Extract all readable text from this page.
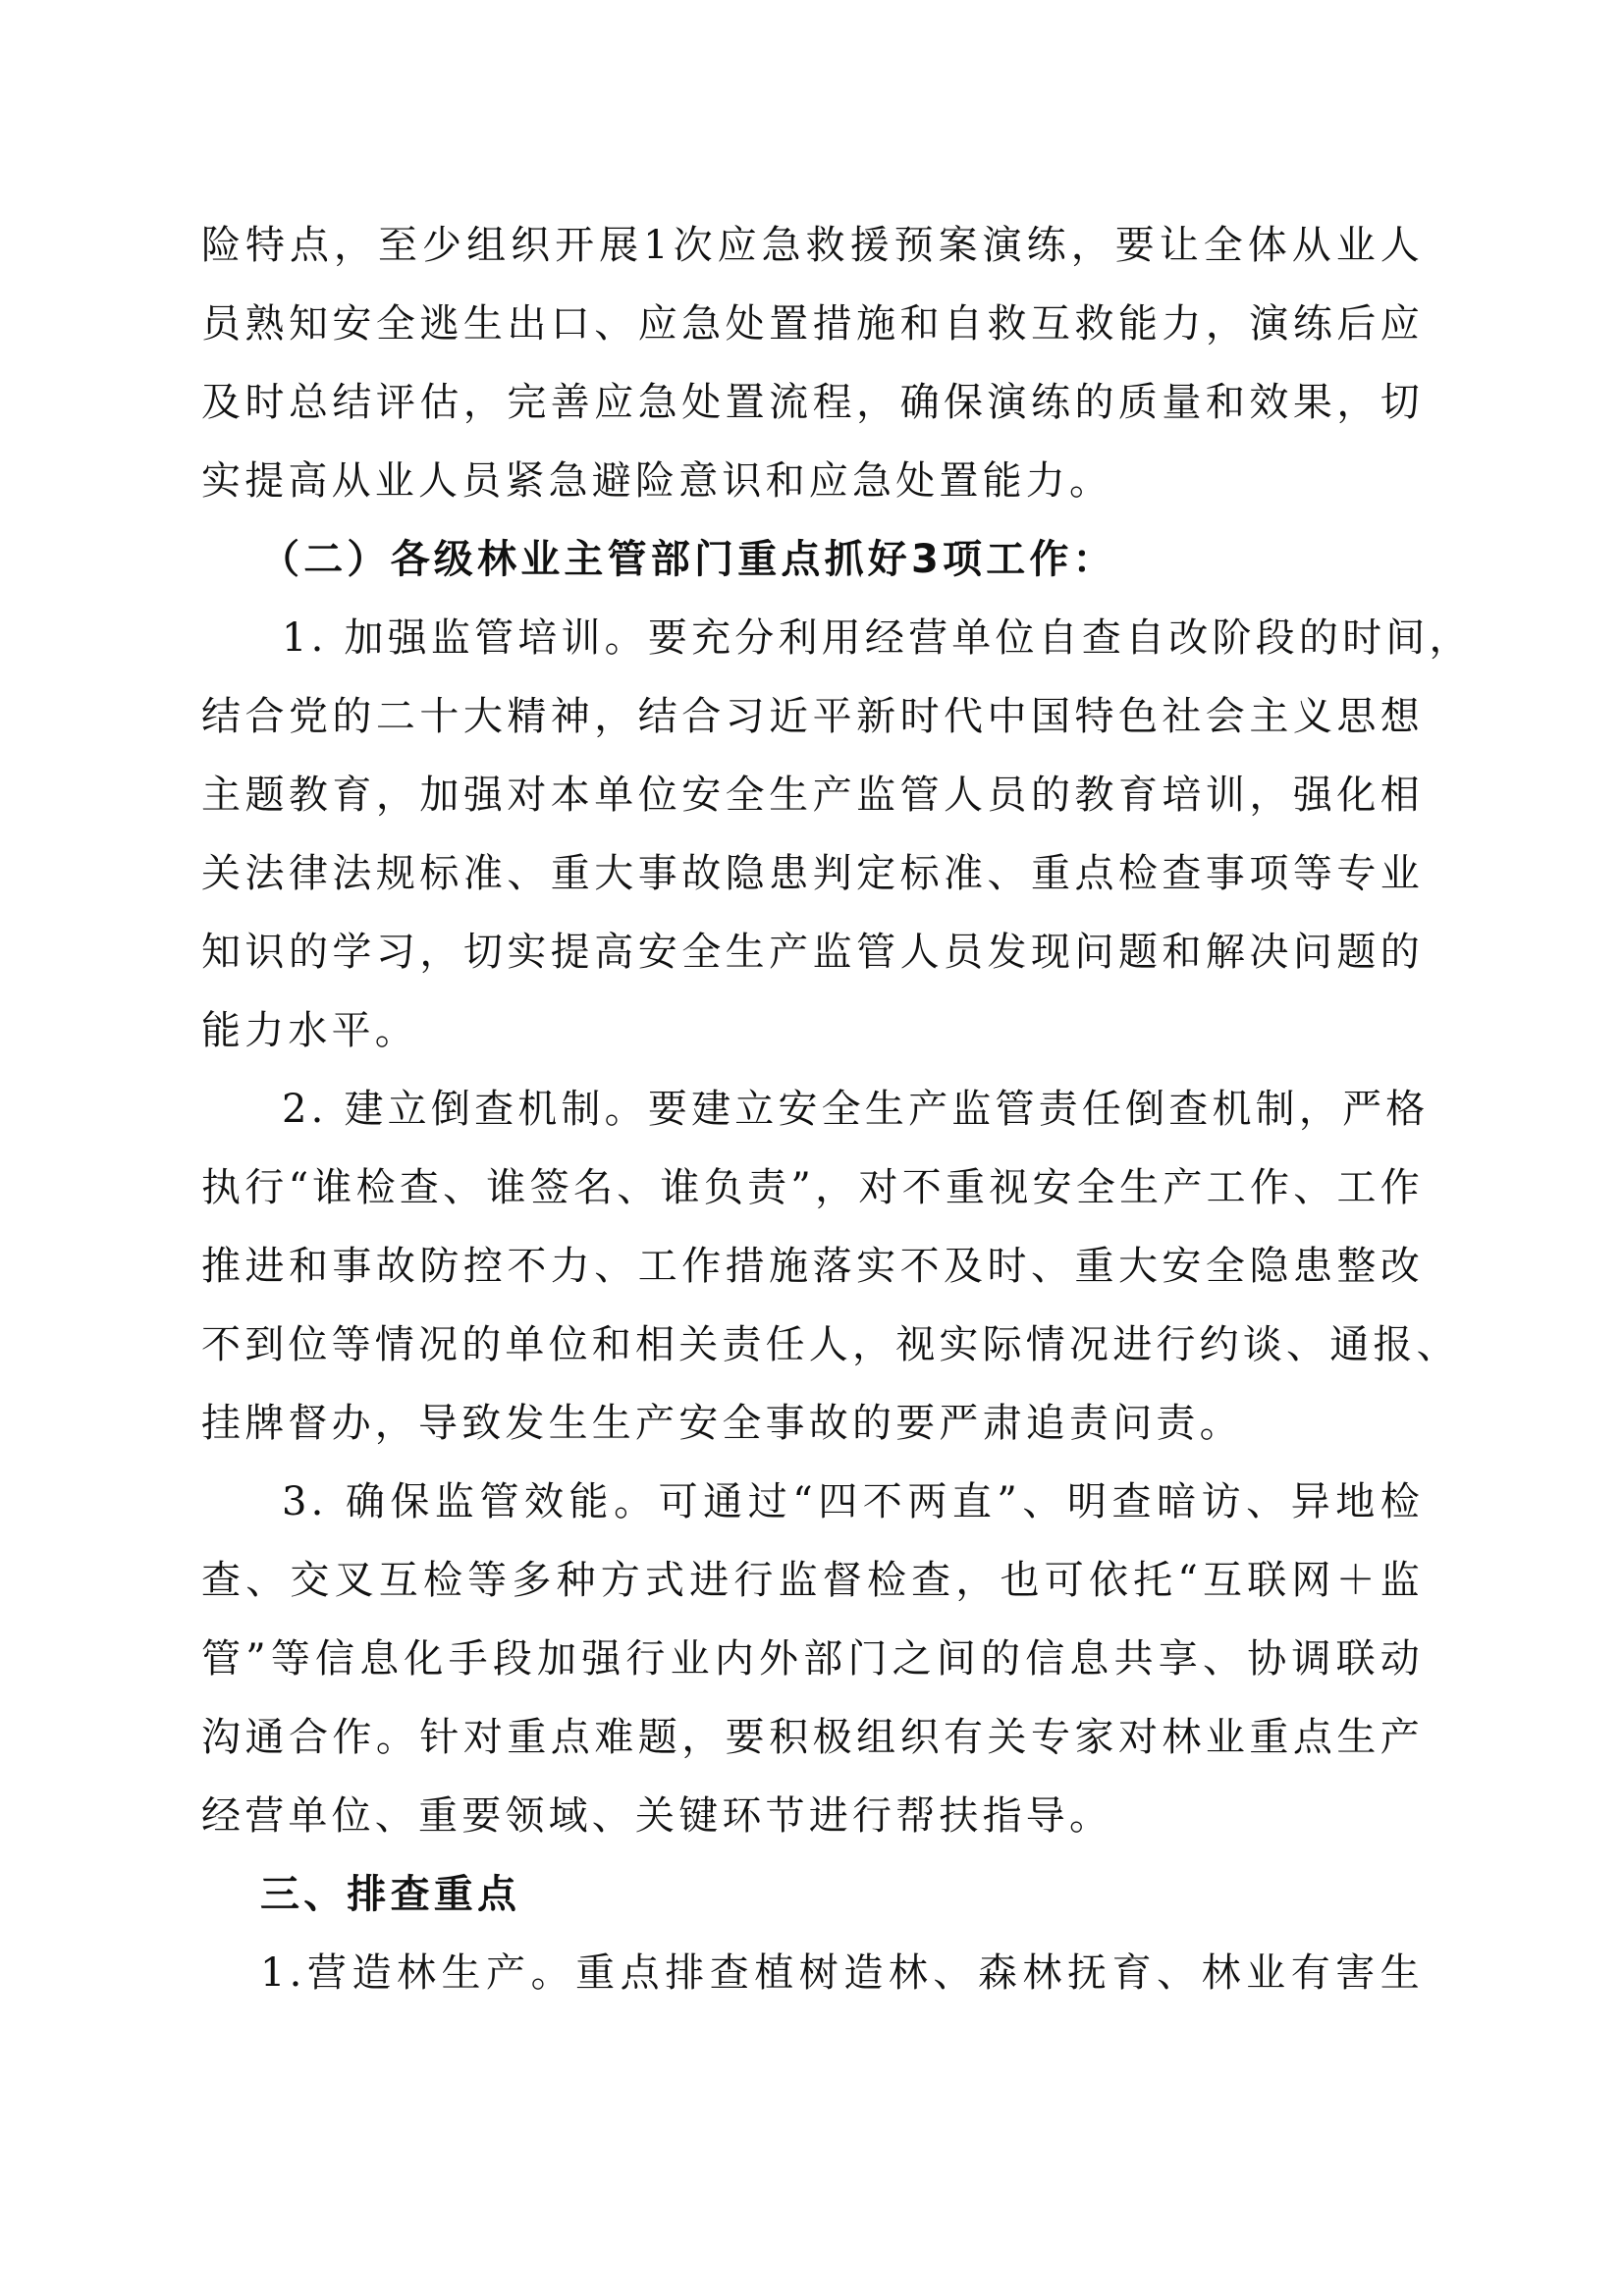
险特点，至少组织开展1次应急救援预案演练，要让全体从业人
员熟知安全逃生出口、应急处置措施和自救互救能力，演练后应
及时总结评估，完善应急处置流程，确保演练的质量和效果，切
实提高从业人员紧急避险意识和应急处置能力。
（二）各级林业主管部门重点抓好3项工作：
1. 加强监管培训。要充分利用经营单位自查自改阶段的时间，
结合党的二十大精神，结合习近平新时代中国特色社会主义思想
主题教育，加强对本单位安全生产监管人员的教育培训，强化相
关法律法规标准、重大事故隐患判定标准、重点检查事项等专业
知识的学习，切实提高安全生产监管人员发现问题和解决问题的
能力水平。
2. 建立倒查机制。要建立安全生产监管责任倒查机制，严格
执行“谁检查、谁签名、谁负责”，对不重视安全生产工作、工作
推进和事故防控不力、工作措施落实不及时、重大安全隐患整改
不到位等情况的单位和相关责任人，视实际情况进行约谈、通报、
挂牌督办，导致发生生产安全事故的要严肃追责问责。
3. 确保监管效能。可通过“四不两直”、明查暗访、异地检
查、交叉互检等多种方式进行监督检查，也可依托“互联网＋监
管”等信息化手段加强行业内外部门之间的信息共享、协调联动
沟通合作。针对重点难题，要积极组织有关专家对林业重点生产
经营单位、重要领域、关键环节进行帮扶指导。
三、排查重点
1.营造林生产。重点排查植树造林、森林抚育、林业有害生
